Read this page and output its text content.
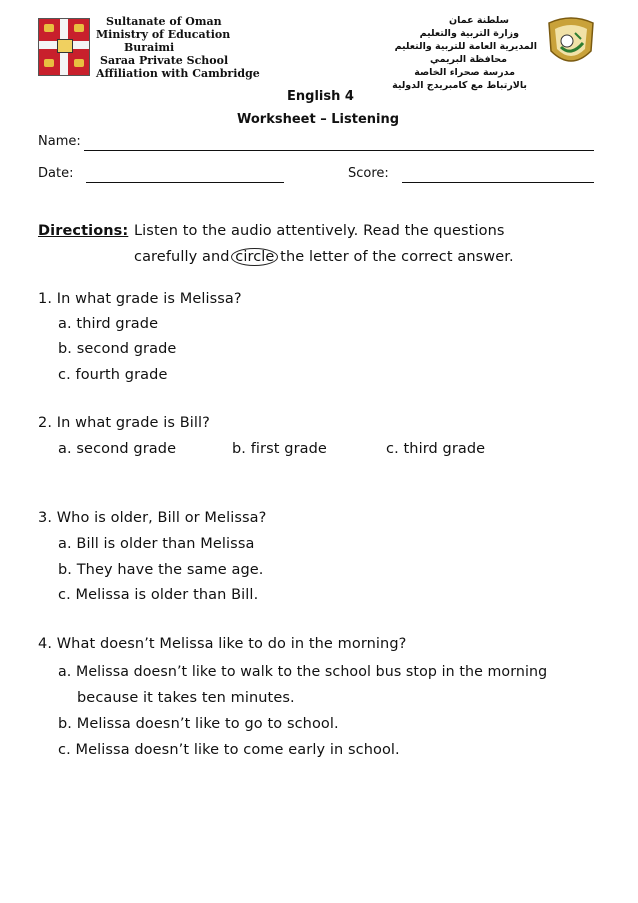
Sultanate of Oman
Ministry of Education
Buraimi
Saraa Private School
Affiliation with Cambridge
سلطنة عمان
وزارة التربية والتعليم
المديرية العامة للتربية والتعليم
محافظة البريمي
مدرسة صحراء الخاصة
بالارتباط مع كامبريدج الدولية
English 4
Worksheet – Listening
Name:
Date:	Score:
Directions: Listen to the audio attentively. Read the questions
carefully and circle the letter of the correct answer.
1. In what grade is Melissa?
a. third grade
b. second grade
c. fourth grade
2. In what grade is Bill?
a. second grade	b. first grade	c. third grade
3. Who is older, Bill or Melissa?
a. Bill is older than Melissa
b. They have the same age.
c. Melissa is older than Bill.
4. What doesn’t Melissa like to do in the morning?
a. Melissa doesn’t like to walk to the school bus stop in the morning
because it takes ten minutes.
b. Melissa doesn’t like to go to school.
c. Melissa doesn’t like to come early in school.
